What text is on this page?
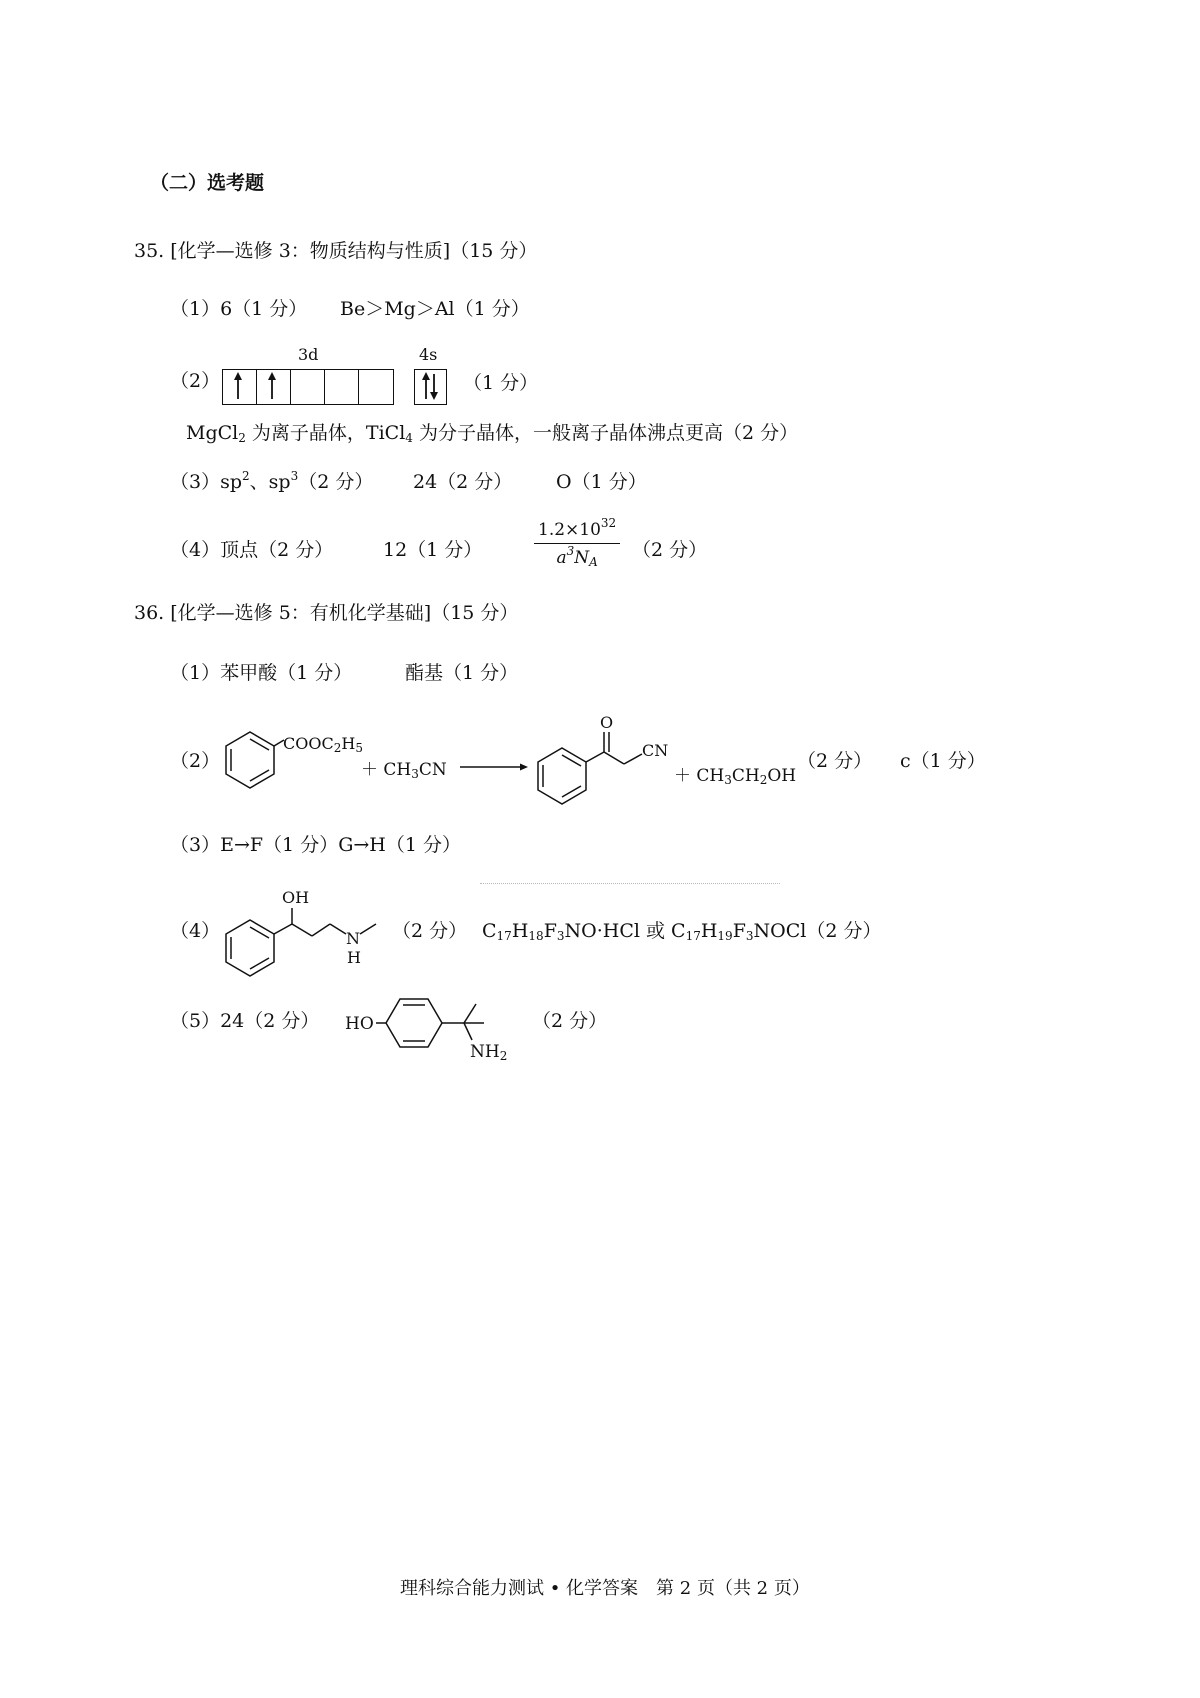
（二）选考题
35. [化学—选修 3：物质结构与性质]（15 分）
（1）6（1 分） Be＞Mg＞Al（1 分）
（2）
3d	4s
（1 分）
MgCl$_2$ 为离子晶体，TiCl$_4$ 为分子晶体，一般离子晶体沸点更高（2 分）
$(3)sp^2$、$sp^3(2$ 分） 24（2 分） O（1 分）
（4）顶点（2 分）	12（1 分）	$\frac{1.2\times 10^{32}}{a^3N_A} (2$ 分）
36. [化学—选修 5：有机化学基础]（15 分）
（1）苯甲酸（1 分）	酯基（1 分）
（2）
$COOC_2H_5$
＋ $CH_3CN$ →
O
CN
＋ $CH_3CH_2OH$
（2 分） c（1 分）
（3）E→F（1 分）G→H（1 分）
（4）
OH
N
H
（2 分） $C_{17}H_{18}F_3NO\cdot HCl$ 或 $C_{17}H_{19}F_3NOCl(2$ 分）
（5）24（2 分） HO
$NH_2$
（2 分）
理科综合能力测试 • 化学答案　第 2 页（共 2 页）
